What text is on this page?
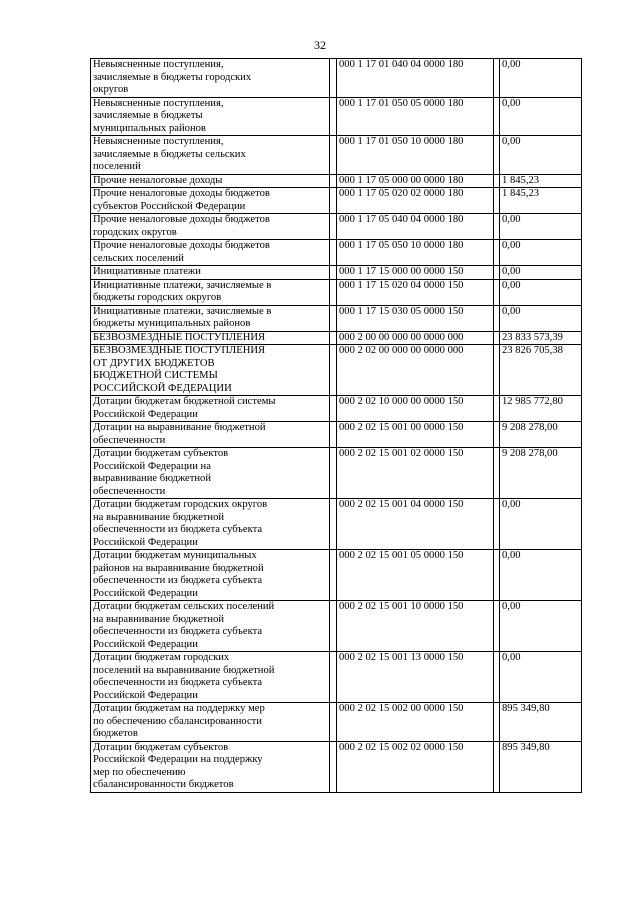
32
Невыясненные поступления,
зачисляемые в бюджеты городских
округов		000 1 17 01 040 04 0000 180		0,00

Невыясненные поступления,
зачисляемые в бюджеты
муниципальных районов		000 1 17 01 050 05 0000 180		0,00

Невыясненные поступления,
зачисляемые в бюджеты сельских
поселений		000 1 17 01 050 10 0000 180		0,00

Прочие неналоговые доходы		000 1 17 05 000 00 0000 180		1 845,23

Прочие неналоговые доходы бюджетов
субъектов Российской Федерации		000 1 17 05 020 02 0000 180		1 845,23

Прочие неналоговые доходы бюджетов
городских округов		000 1 17 05 040 04 0000 180		0,00

Прочие неналоговые доходы бюджетов
сельских поселений		000 1 17 05 050 10 0000 180		0,00

Инициативные платежи		000 1 17 15 000 00 0000 150		0,00

Инициативные платежи, зачисляемые в
бюджеты городских округов		000 1 17 15 020 04 0000 150		0,00

Инициативные платежи, зачисляемые в
бюджеты муниципальных районов		000 1 17 15 030 05 0000 150		0,00

БЕЗВОЗМЕЗДНЫЕ ПОСТУПЛЕНИЯ		000 2 00 00 000 00 0000 000		23 833 573,39

БЕЗВОЗМЕЗДНЫЕ ПОСТУПЛЕНИЯ
ОТ ДРУГИХ БЮДЖЕТОВ
БЮДЖЕТНОЙ СИСТЕМЫ
РОССИЙСКОЙ ФЕДЕРАЦИИ		000 2 02 00 000 00 0000 000		23 826 705,38

Дотации бюджетам бюджетной системы
Российской Федерации		000 2 02 10 000 00 0000 150		12 985 772,80

Дотации на выравнивание бюджетной
обеспеченности		000 2 02 15 001 00 0000 150		9 208 278,00

Дотации бюджетам субъектов
Российской Федерации на
выравнивание бюджетной
обеспеченности		000 2 02 15 001 02 0000 150		9 208 278,00

Дотации бюджетам городских округов
на выравнивание бюджетной
обеспеченности из бюджета субъекта
Российской Федерации		000 2 02 15 001 04 0000 150		0,00

Дотации бюджетам муниципальных
районов на выравнивание бюджетной
обеспеченности из бюджета субъекта
Российской Федерации		000 2 02 15 001 05 0000 150		0,00

Дотации бюджетам сельских поселений
на выравнивание бюджетной
обеспеченности из бюджета субъекта
Российской Федерации		000 2 02 15 001 10 0000 150		0,00

Дотации бюджетам городских
поселений на выравнивание бюджетной
обеспеченности из бюджета субъекта
Российской Федерации		000 2 02 15 001 13 0000 150		0,00

Дотации бюджетам на поддержку мер
по обеспечению сбалансированности
бюджетов		000 2 02 15 002 00 0000 150		895 349,80

Дотации бюджетам субъектов
Российской Федерации на поддержку
мер по обеспечению
сбалансированности бюджетов		000 2 02 15 002 02 0000 150		895 349,80
